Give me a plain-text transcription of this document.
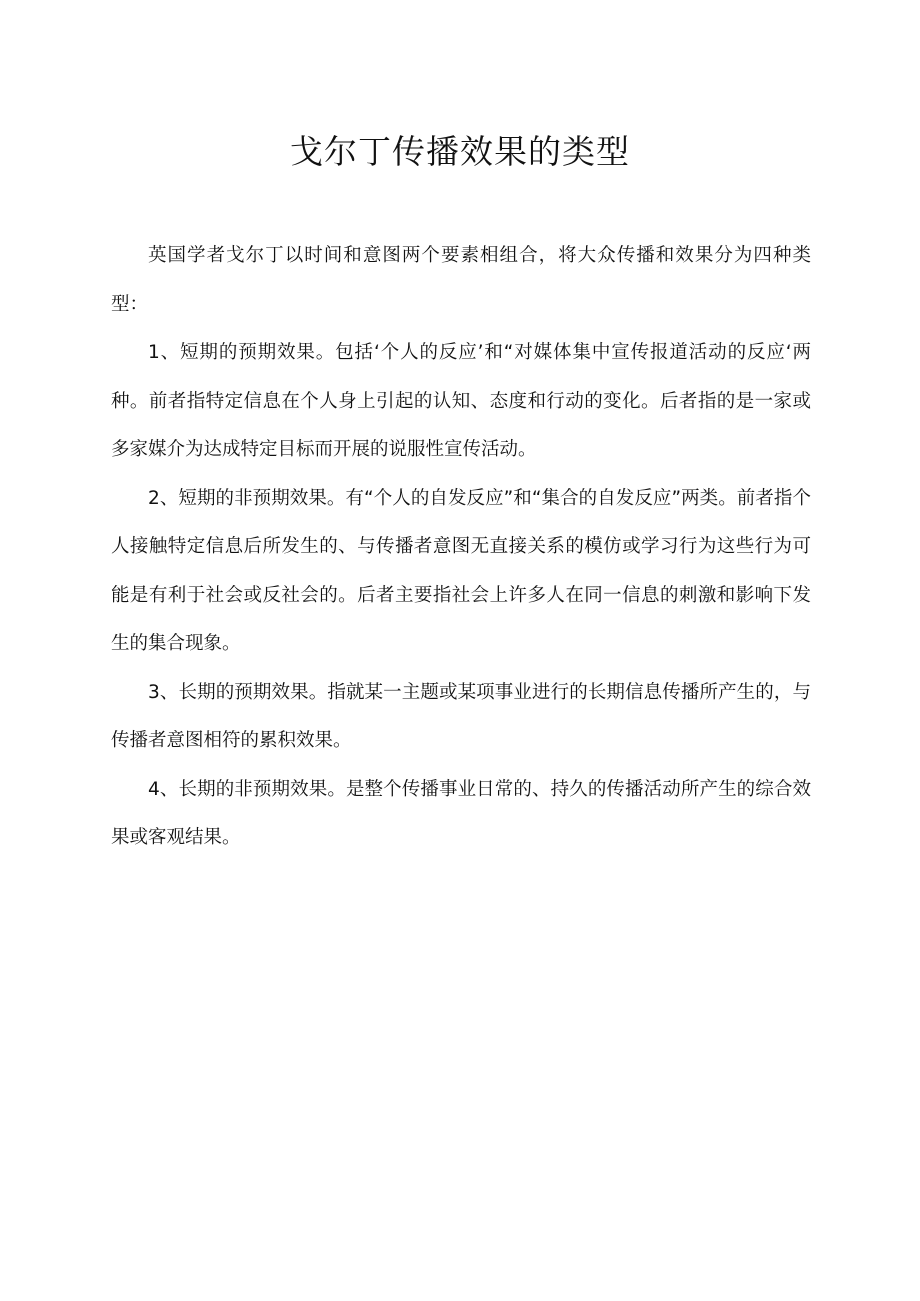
戈尔丁传播效果的类型

英国学者戈尔丁以时间和意图两个要素相组合，将大众传播和效果分为四种类型：

1、短期的预期效果。包括‘个人的反应’和“对媒体集中宣传报道活动的反应‘两种。前者指特定信息在个人身上引起的认知、态度和行动的变化。后者指的是一家或多家媒介为达成特定目标而开展的说服性宣传活动。

2、短期的非预期效果。有“个人的自发反应”和“集合的自发反应”两类。前者指个人接触特定信息后所发生的、与传播者意图无直接关系的模仿或学习行为这些行为可能是有利于社会或反社会的。后者主要指社会上许多人在同一信息的刺激和影响下发生的集合现象。

3、长期的预期效果。指就某一主题或某项事业进行的长期信息传播所产生的，与传播者意图相符的累积效果。

4、长期的非预期效果。是整个传播事业日常的、持久的传播活动所产生的综合效果或客观结果。
